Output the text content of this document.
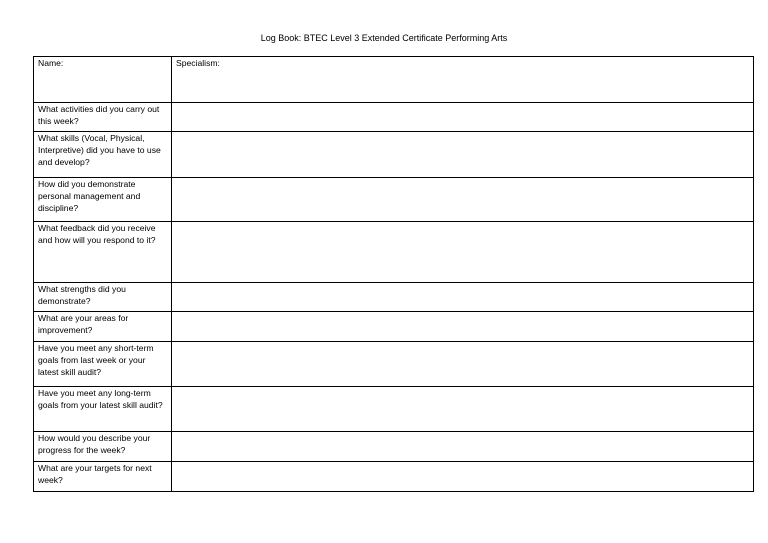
Log Book: BTEC Level 3 Extended Certificate Performing Arts
Name:	Specialism:
What activities did you carry out this week?	
What skills (Vocal, Physical, Interpretive) did you have to use and develop?	
How did you demonstrate personal management and discipline?	
What feedback did you receive and how will you respond to it?	
What strengths did you demonstrate?	
What are your areas for improvement?	
Have you meet any short-term goals from last week or your latest skill audit?	
Have you meet any long-term goals from your latest skill audit?	
How would you describe your progress for the week?	
What are your targets for next week?	
